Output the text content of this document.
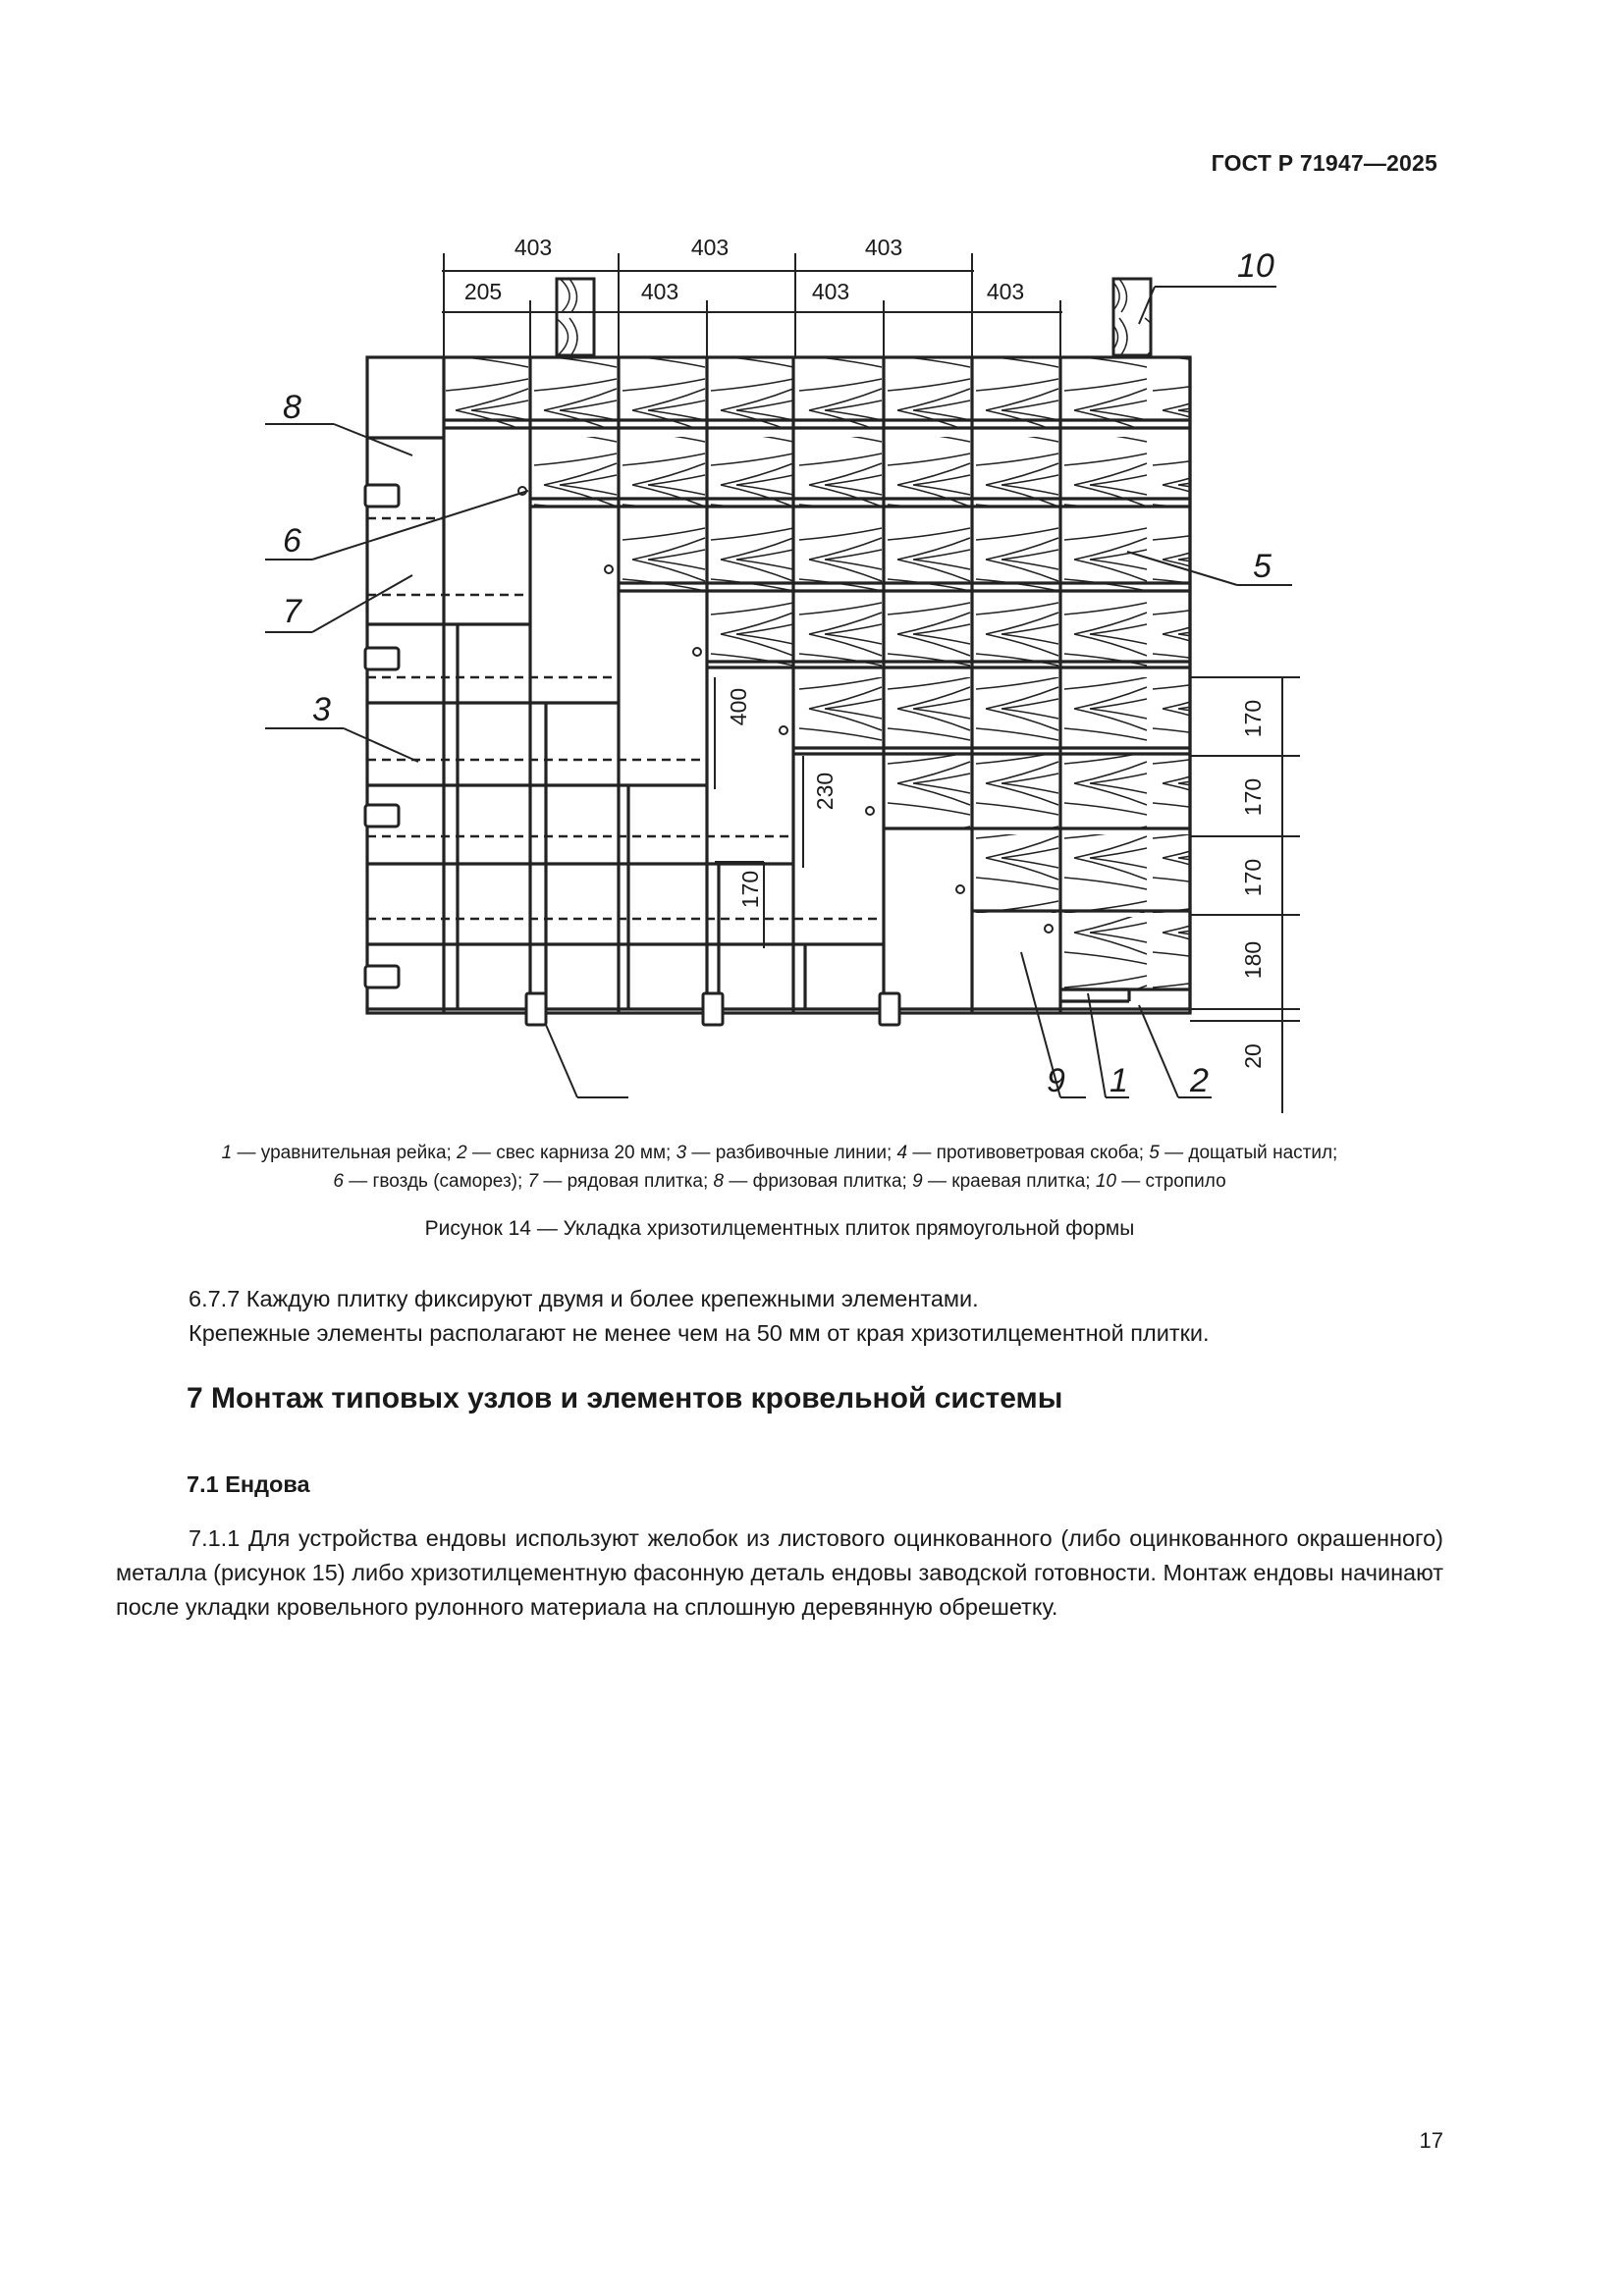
ГОСТ Р 71947—2025
403	403	403
205	403	403	403
170
170
170
180
20
400
230
170
8
6
7
3
5
10
9 1 2
1 — уравнительная рейка; 2 — свес карниза 20 мм; 3 — разбивочные линии; 4 — противоветровая скоба; 5 — дощатый настил;
6 — гвоздь (саморез); 7 — рядовая плитка; 8 — фризовая плитка; 9 — краевая плитка; 10 — стропило
Рисунок 14 — Укладка хризотилцементных плиток прямоугольной формы
6.7.7 Каждую плитку фиксируют двумя и более крепежными элементами.
Крепежные элементы располагают не менее чем на 50 мм от края хризотилцементной плитки.
7 Монтаж типовых узлов и элементов кровельной системы
7.1 Ендова
7.1.1 Для устройства ендовы используют желобок из листового оцинкованного (либо оцинкованного окрашенного) металла (рисунок 15) либо хризотилцементную фасонную деталь ендовы заводской готовности. Монтаж ендовы начинают после укладки кровельного рулонного материала на сплошную деревянную обрешетку.
17
